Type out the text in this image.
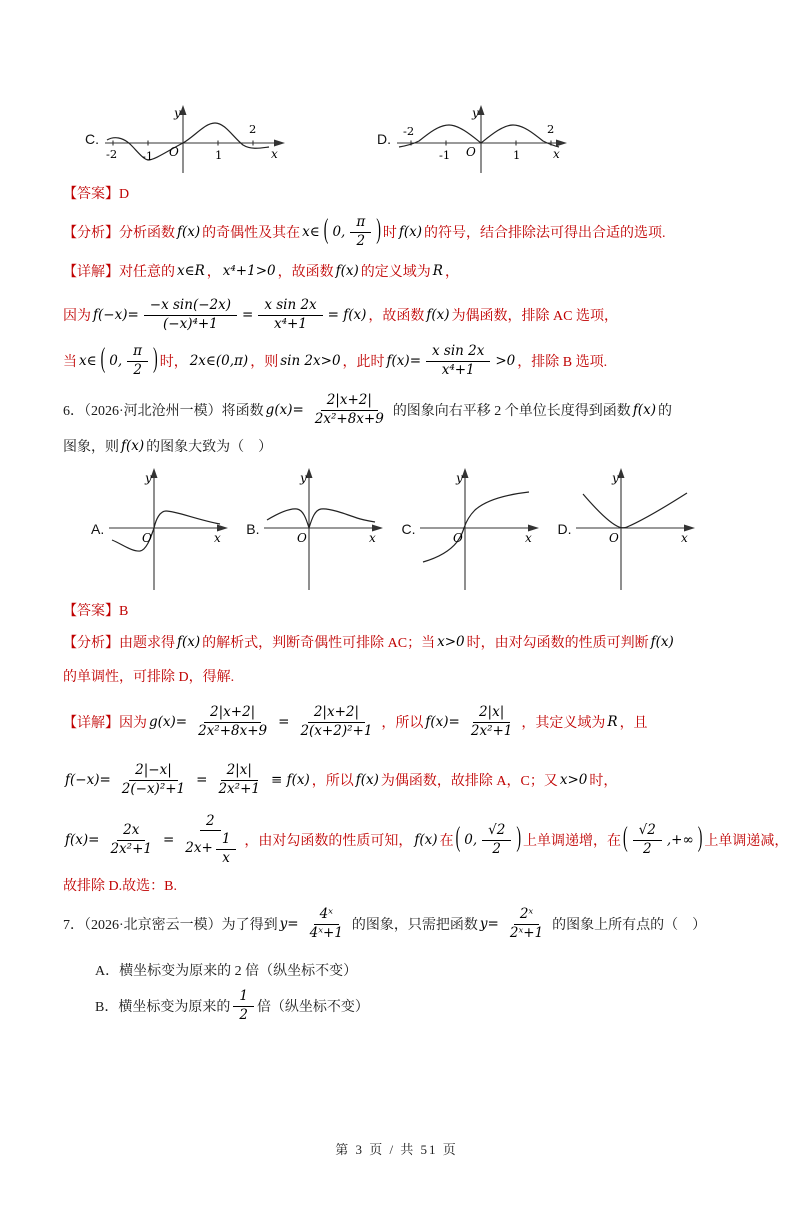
C.
y
x
O
-2 -1	1
2
D.
y
x
O
-2
-1	1
2
【答案】D
【分析】分析函数 f(x) 的奇偶性及其在 x∈ ( 0, $\frac{\pi}{2}$ ) 时 f(x) 的符号，结合排除法可得出合适的选项.
【详解】对任意的 x∈R ， x⁴+1>0 ，故函数 f(x) 的定义域为 R ，
因为 $f(-x)= \frac{\text{−x sin(−2x)}}{\text{(−x)⁴+1}} = \frac{\text{x sin 2x}}{\text{x⁴+1}} = f(x)$ ，故函数 f(x) 为偶函数，排除 AC 选项，
当 x∈ ( 0, $\frac{\pi}{2}$ ) 时， 2x∈(0,π) ，则 sin 2x>0 ，此时 $f(x)= \frac{\text{x sin 2x}}{\text{x⁴+1}} >0$ ，排除 B 选项.
6．（2026·河北沧州一模）将函数 $g(x)= \frac{2|x+2|}{\text{2x²+8x+9}}$ 的图象向右平移 2 个单位长度得到函数 f(x) 的
图象，则 f(x) 的图象大致为（　）
A.
y
x
O
B.
y
x
O
C.
y
x
O
D.
y
x
O
【答案】B
【分析】由题求得 f(x) 的解析式，判断奇偶性可排除 AC；当 x>0 时，由对勾函数的性质可判断 f(x)
的单调性，可排除 D，得解.
【详解】因为 $g(x)= \frac{2|x+2|}{\text{2x²+8x+9}} = \frac{2|x+2|}{\text{2(x+2)²+1}}$ ，所以 $f(x)= \frac{2|x|}{\text{2x²+1}}$ ，其定义域为 R ，且
$f(-x)= \frac{2|-x|}{\text{2(−x)²+1}} = \frac{2|x|}{\text{2x²+1}} \equiv f(x)$ ，所以 f(x) 为偶函数，故排除 A，C；又 x>0 时，
$f(x)= \frac{2x}{\text{2x²+1}} = \frac{2}{2x+ \frac{1}{x}}$ ，由对勾函数的性质可知， f(x) 在 ( 0, $\frac{√2}{2}$ ) 上单调递增，在 ( $\frac{√2}{2}$ ,+∞ ) 上单调递减，
故排除 D.故选：B.
7．（2026·北京密云一模）为了得到 $y= \frac{\text{4ˣ}}{\text{4ˣ+1}}$ 的图象，只需把函数 $y= \frac{\text{2ˣ}}{\text{2ˣ+1}}$ 的图象上所有点的（　）
A．横坐标变为原来的 2 倍（纵坐标不变）
B．横坐标变为原来的 $\frac{1}{2}$ 倍（纵坐标不变）
第 3 页 / 共 51 页
